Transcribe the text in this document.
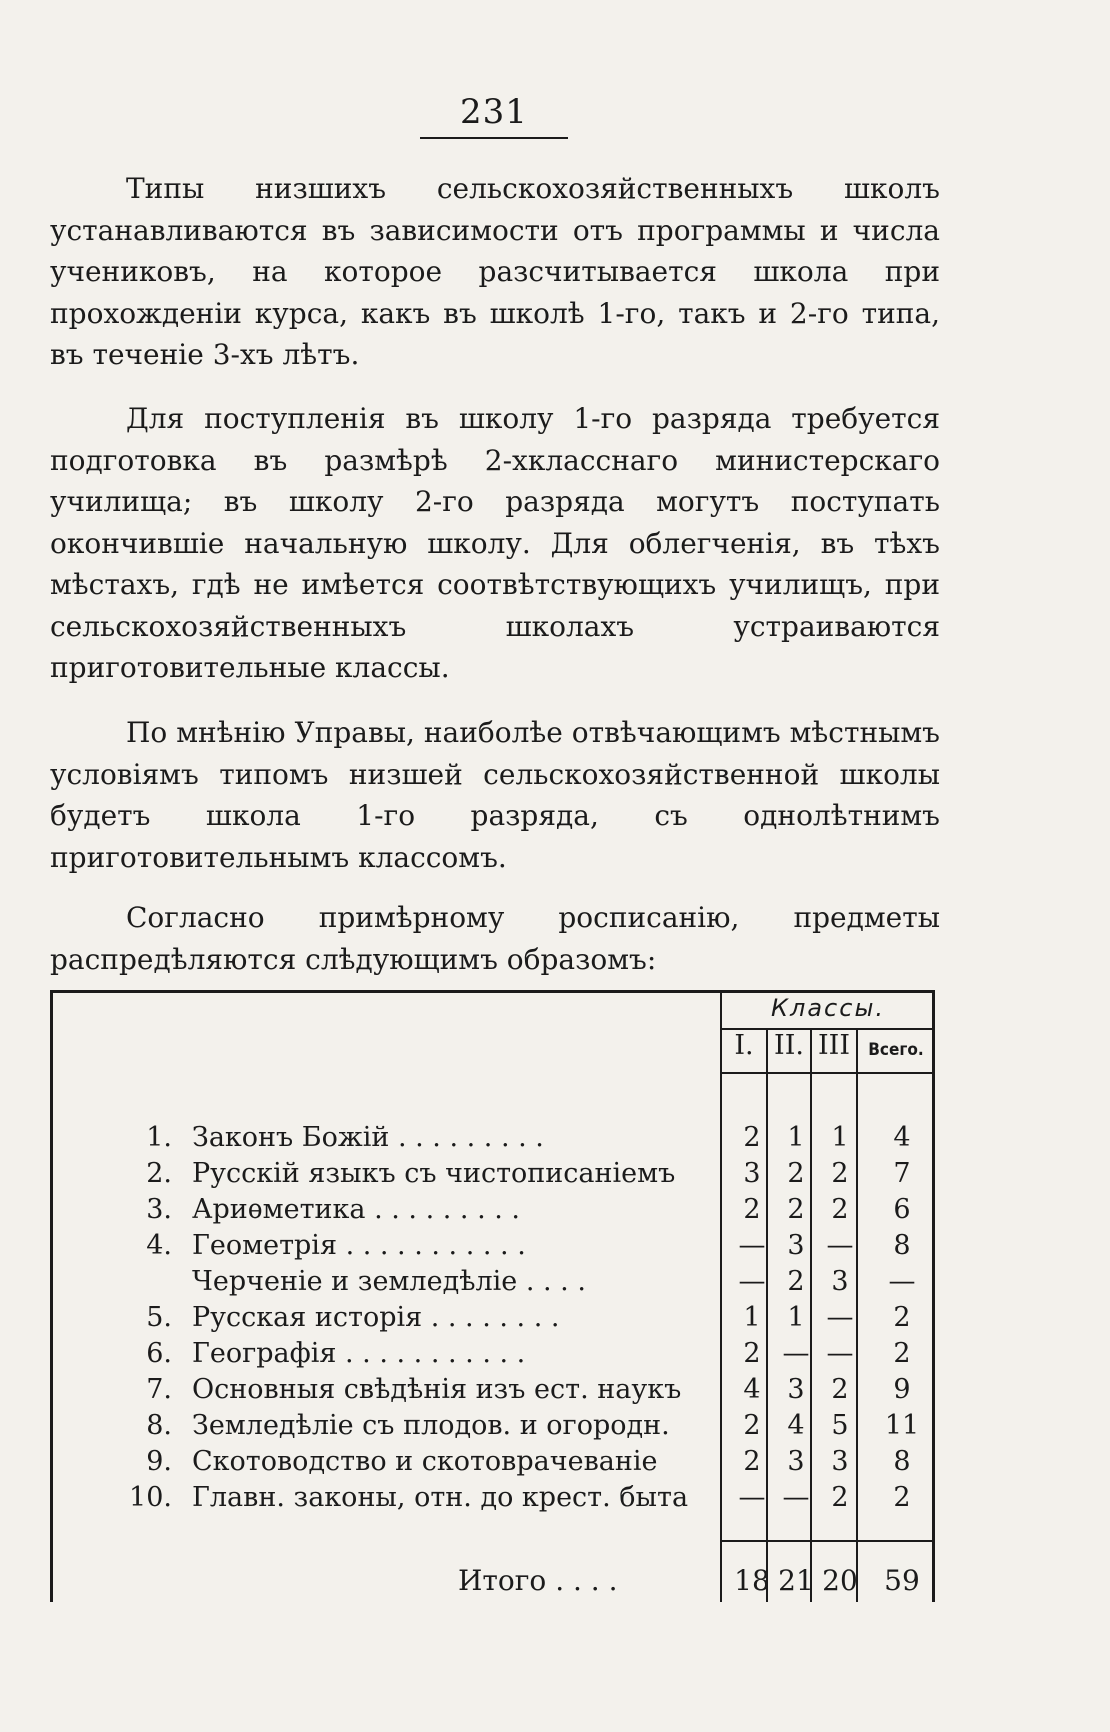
231

Типы низшихъ сельскохозяйственныхъ школъ устанавливаются въ зависимости отъ программы и числа учениковъ, на которое разсчитывается школа при прохожденіи курса, какъ въ школѣ 1-го, такъ и 2-го типа, въ теченіе 3-хъ лѣтъ.

Для поступленія въ школу 1-го разряда требуется подготовка въ размѣрѣ 2-хкласснаго министерскаго училища; въ школу 2-го разряда могутъ поступать окончившіе начальную школу. Для облегченія, въ тѣхъ мѣстахъ, гдѣ не имѣется соотвѣтствующихъ училищъ, при сельскохозяйственныхъ школахъ устраиваются приготовительные классы.

По мнѣнію Управы, наиболѣе отвѣчающимъ мѣстнымъ условіямъ типомъ низшей сельскохозяйственной школы будетъ школа 1-го разряда, съ однолѣтнимъ приготовительнымъ классомъ.

Согласно примѣрному росписанію, предметы распредѣляются слѣдующимъ образомъ:

Классы.
I. II. III	Всего.
1. Законъ Божій . . . . . . . . .	2 1 1	4
2. Русскій языкъ съ чистописаніемъ	3 2 2	7
3. Ариѳметика . . . . . . . . .	2 2 2	6
4. Геометрія . . . . . . . . . . .	— 3 —	8
Черченіе и земледѣліе . . . .	— 2 3	—
5. Русская исторія . . . . . . . .	1 1 —	2
6. Географія . . . . . . . . . . .	2 — —	2
7. Основныя свѣдѣнія изъ ест. наукъ	4 3 2	9
8. Земледѣліе съ плодов. и огородн.	2 4 5	11
9. Скотоводство и скотоврачеваніе	2 3 3	8
10. Главн. законы, отн. до крест. быта	— — 2	2
Итого . . . .	18 21 20 59
